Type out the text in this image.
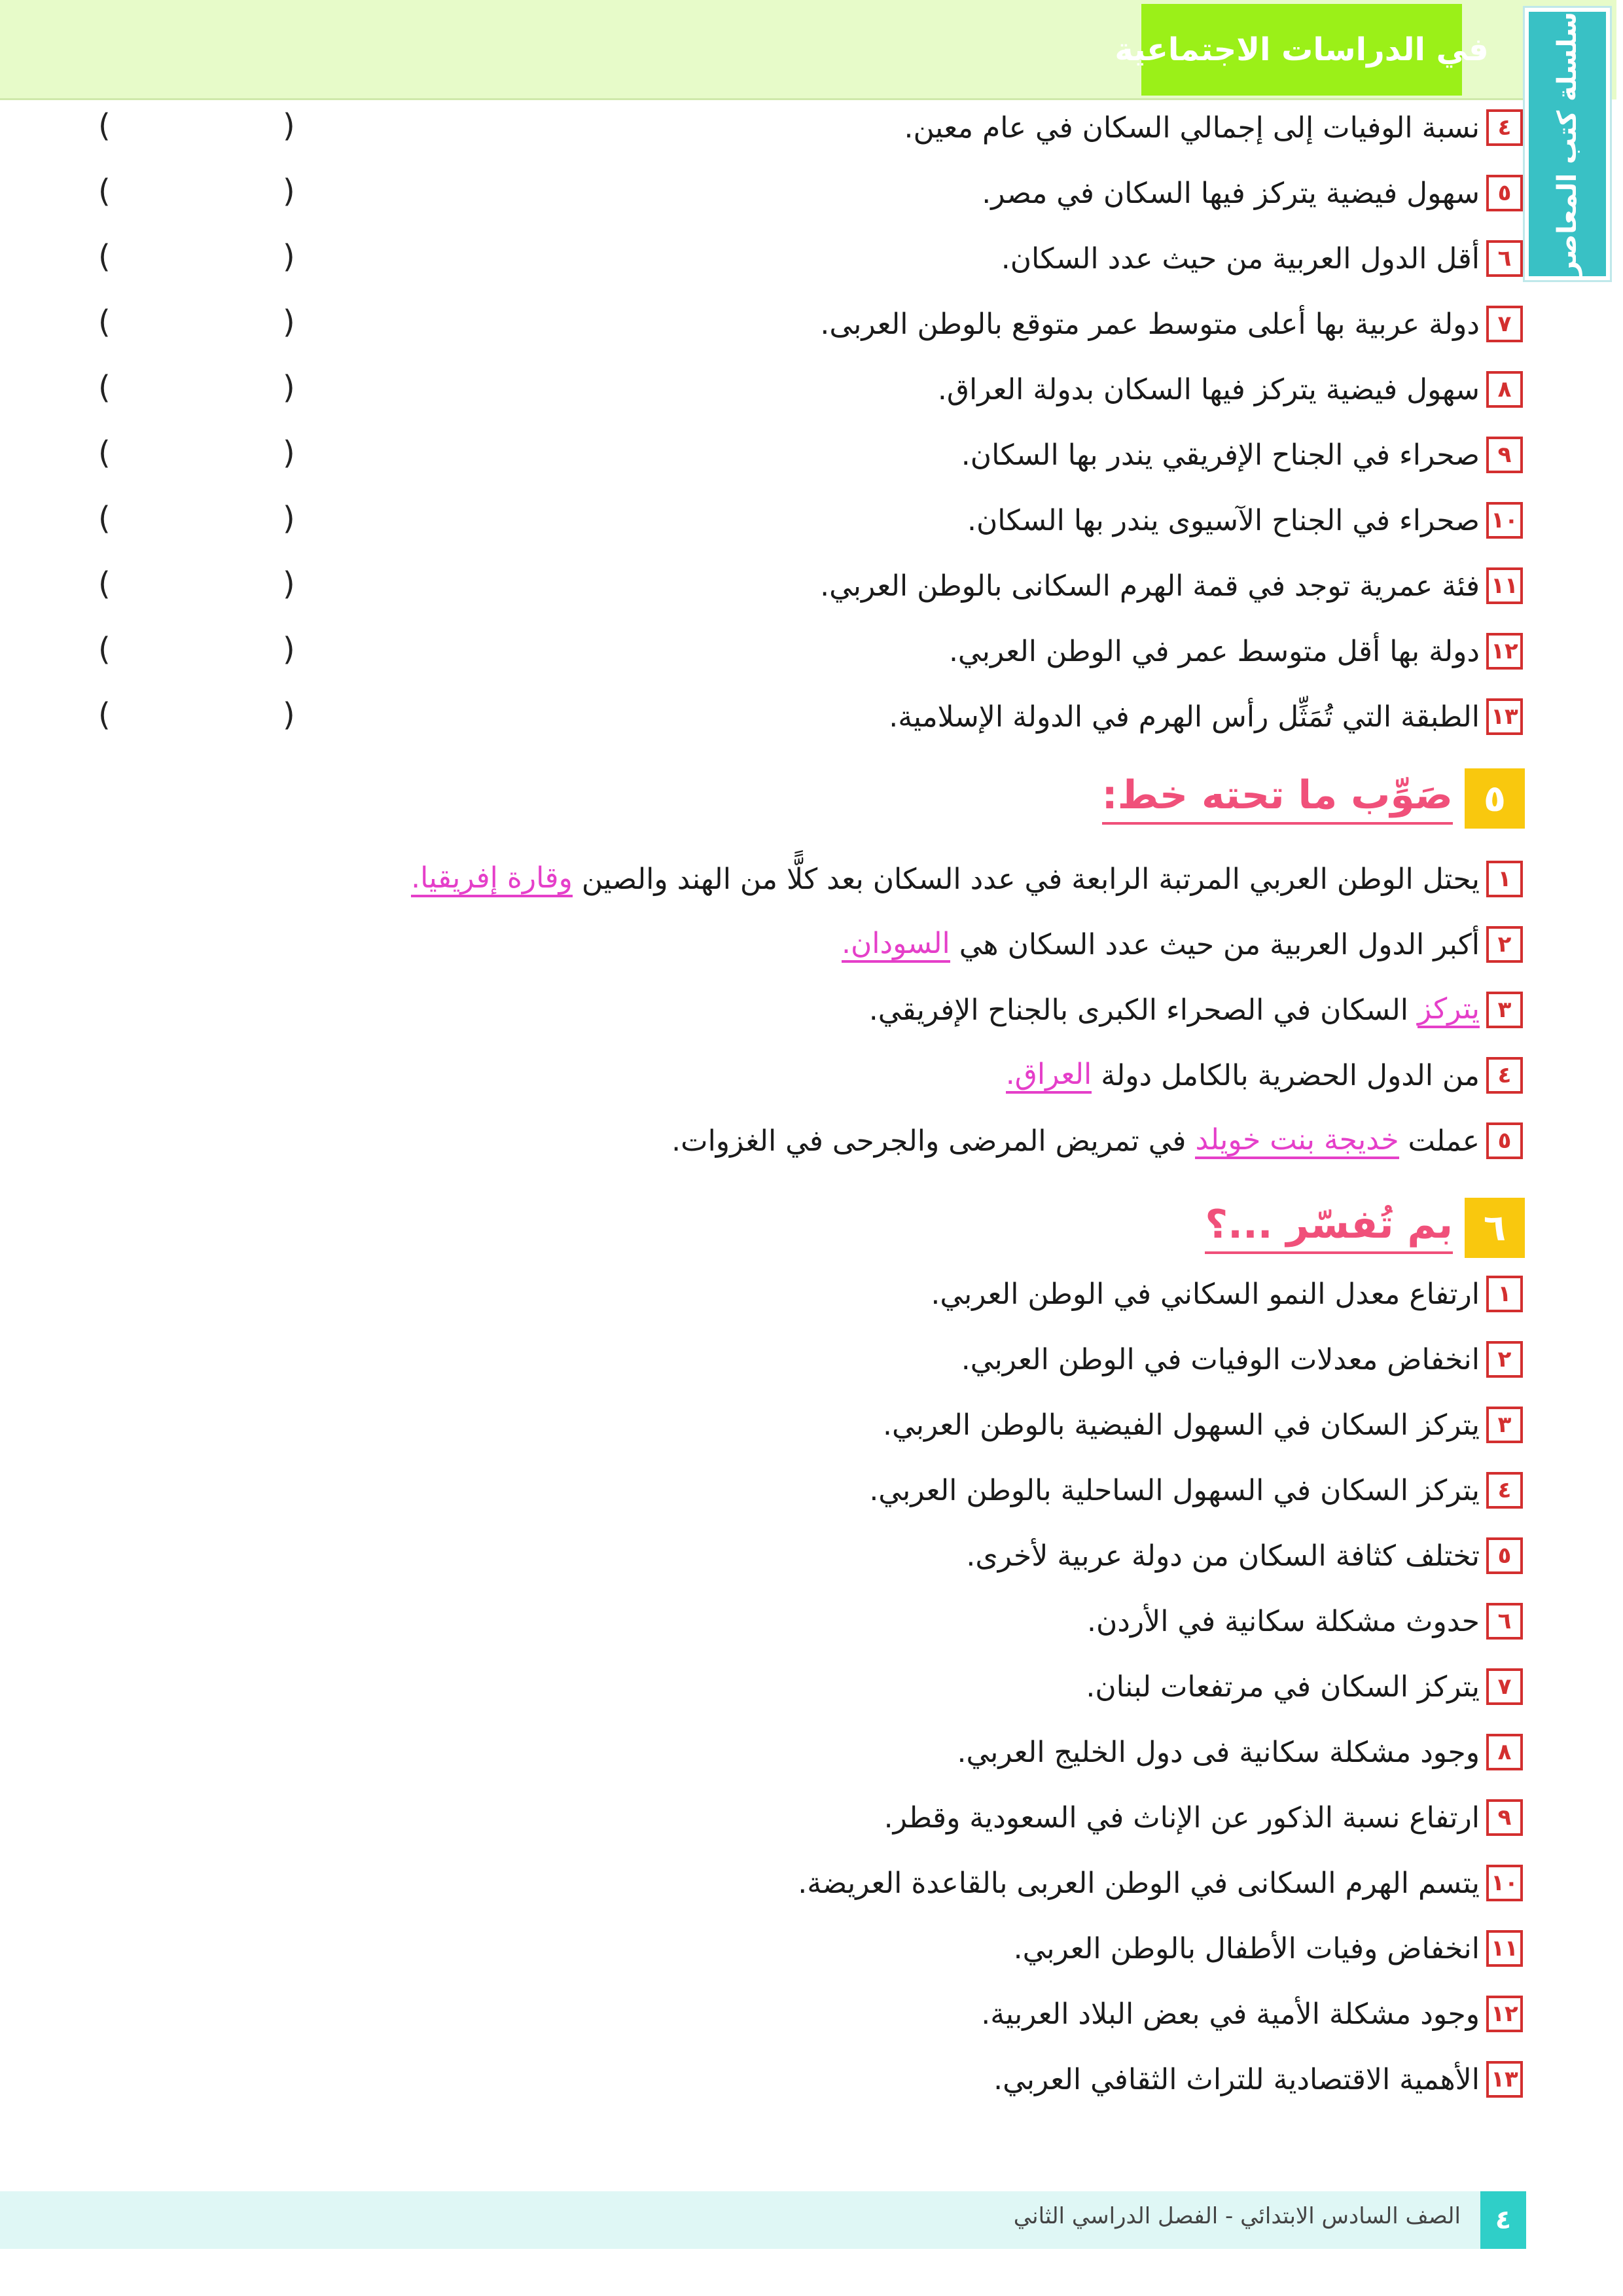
في الدراسات الاجتماعية سلسلة كتب المعاصر
٤
نسبة الوفيات إلى إجمالي السكان في عام معين.
٥
سهول فيضية يتركز فيها السكان في مصر.
٦
أقل الدول العربية من حيث عدد السكان.
٧
دولة عربية بها أعلى متوسط عمر متوقع بالوطن العربى.
٨
سهول فيضية يتركز فيها السكان بدولة العراق.
٩
صحراء في الجناح الإفريقي يندر بها السكان.
١٠
صحراء في الجناح الآسيوى يندر بها السكان.
١١
فئة عمرية توجد في قمة الهرم السكانى بالوطن العربي.
١٢
دولة بها أقل متوسط عمر في الوطن العربي.
١٣
الطبقة التي تُمَثِّل رأس الهرم في الدولة الإسلامية.
(
)
(
)
(
)
(
)
(
)
(
)
(
)
(
)
(
)
(
)
٥
صَوِّب ما تحته خط:
١
يحتل الوطن العربي المرتبة الرابعة في عدد السكان بعد كلًّا من الهند والصين

وقارة إفريقيا.
٢
أكبر الدول العربية من حيث عدد السكان هي

السودان.
٣
يتركز

السكان في الصحراء الكبرى بالجناح الإفريقي.
٤
من الدول الحضرية بالكامل دولة

العراق.
٥
عملت

خديجة بنت خويلد

في تمريض المرضى والجرحى في الغزوات.
٦
بم تُفسّر ...؟
١
ارتفاع معدل النمو السكاني في الوطن العربي.
٢
انخفاض معدلات الوفيات في الوطن العربي.
٣
يتركز السكان في السهول الفيضية بالوطن العربي.
٤
يتركز السكان في السهول الساحلية بالوطن العربي.
٥
تختلف كثافة السكان من دولة عربية لأخرى.
٦
حدوث مشكلة سكانية في الأردن.
٧
يتركز السكان في مرتفعات لبنان.
٨
وجود مشكلة سكانية فى دول الخليج العربي.
٩
ارتفاع نسبة الذكور عن الإناث في السعودية وقطر.
١٠
يتسم الهرم السكانى في الوطن العربى بالقاعدة العريضة.
١١
انخفاض وفيات الأطفال بالوطن العربي.
١٢
وجود مشكلة الأمية في بعض البلاد العربية.
١٣
الأهمية الاقتصادية للتراث الثقافي العربي.
٤
الصف السادس الابتدائي - الفصل الدراسي الثاني
